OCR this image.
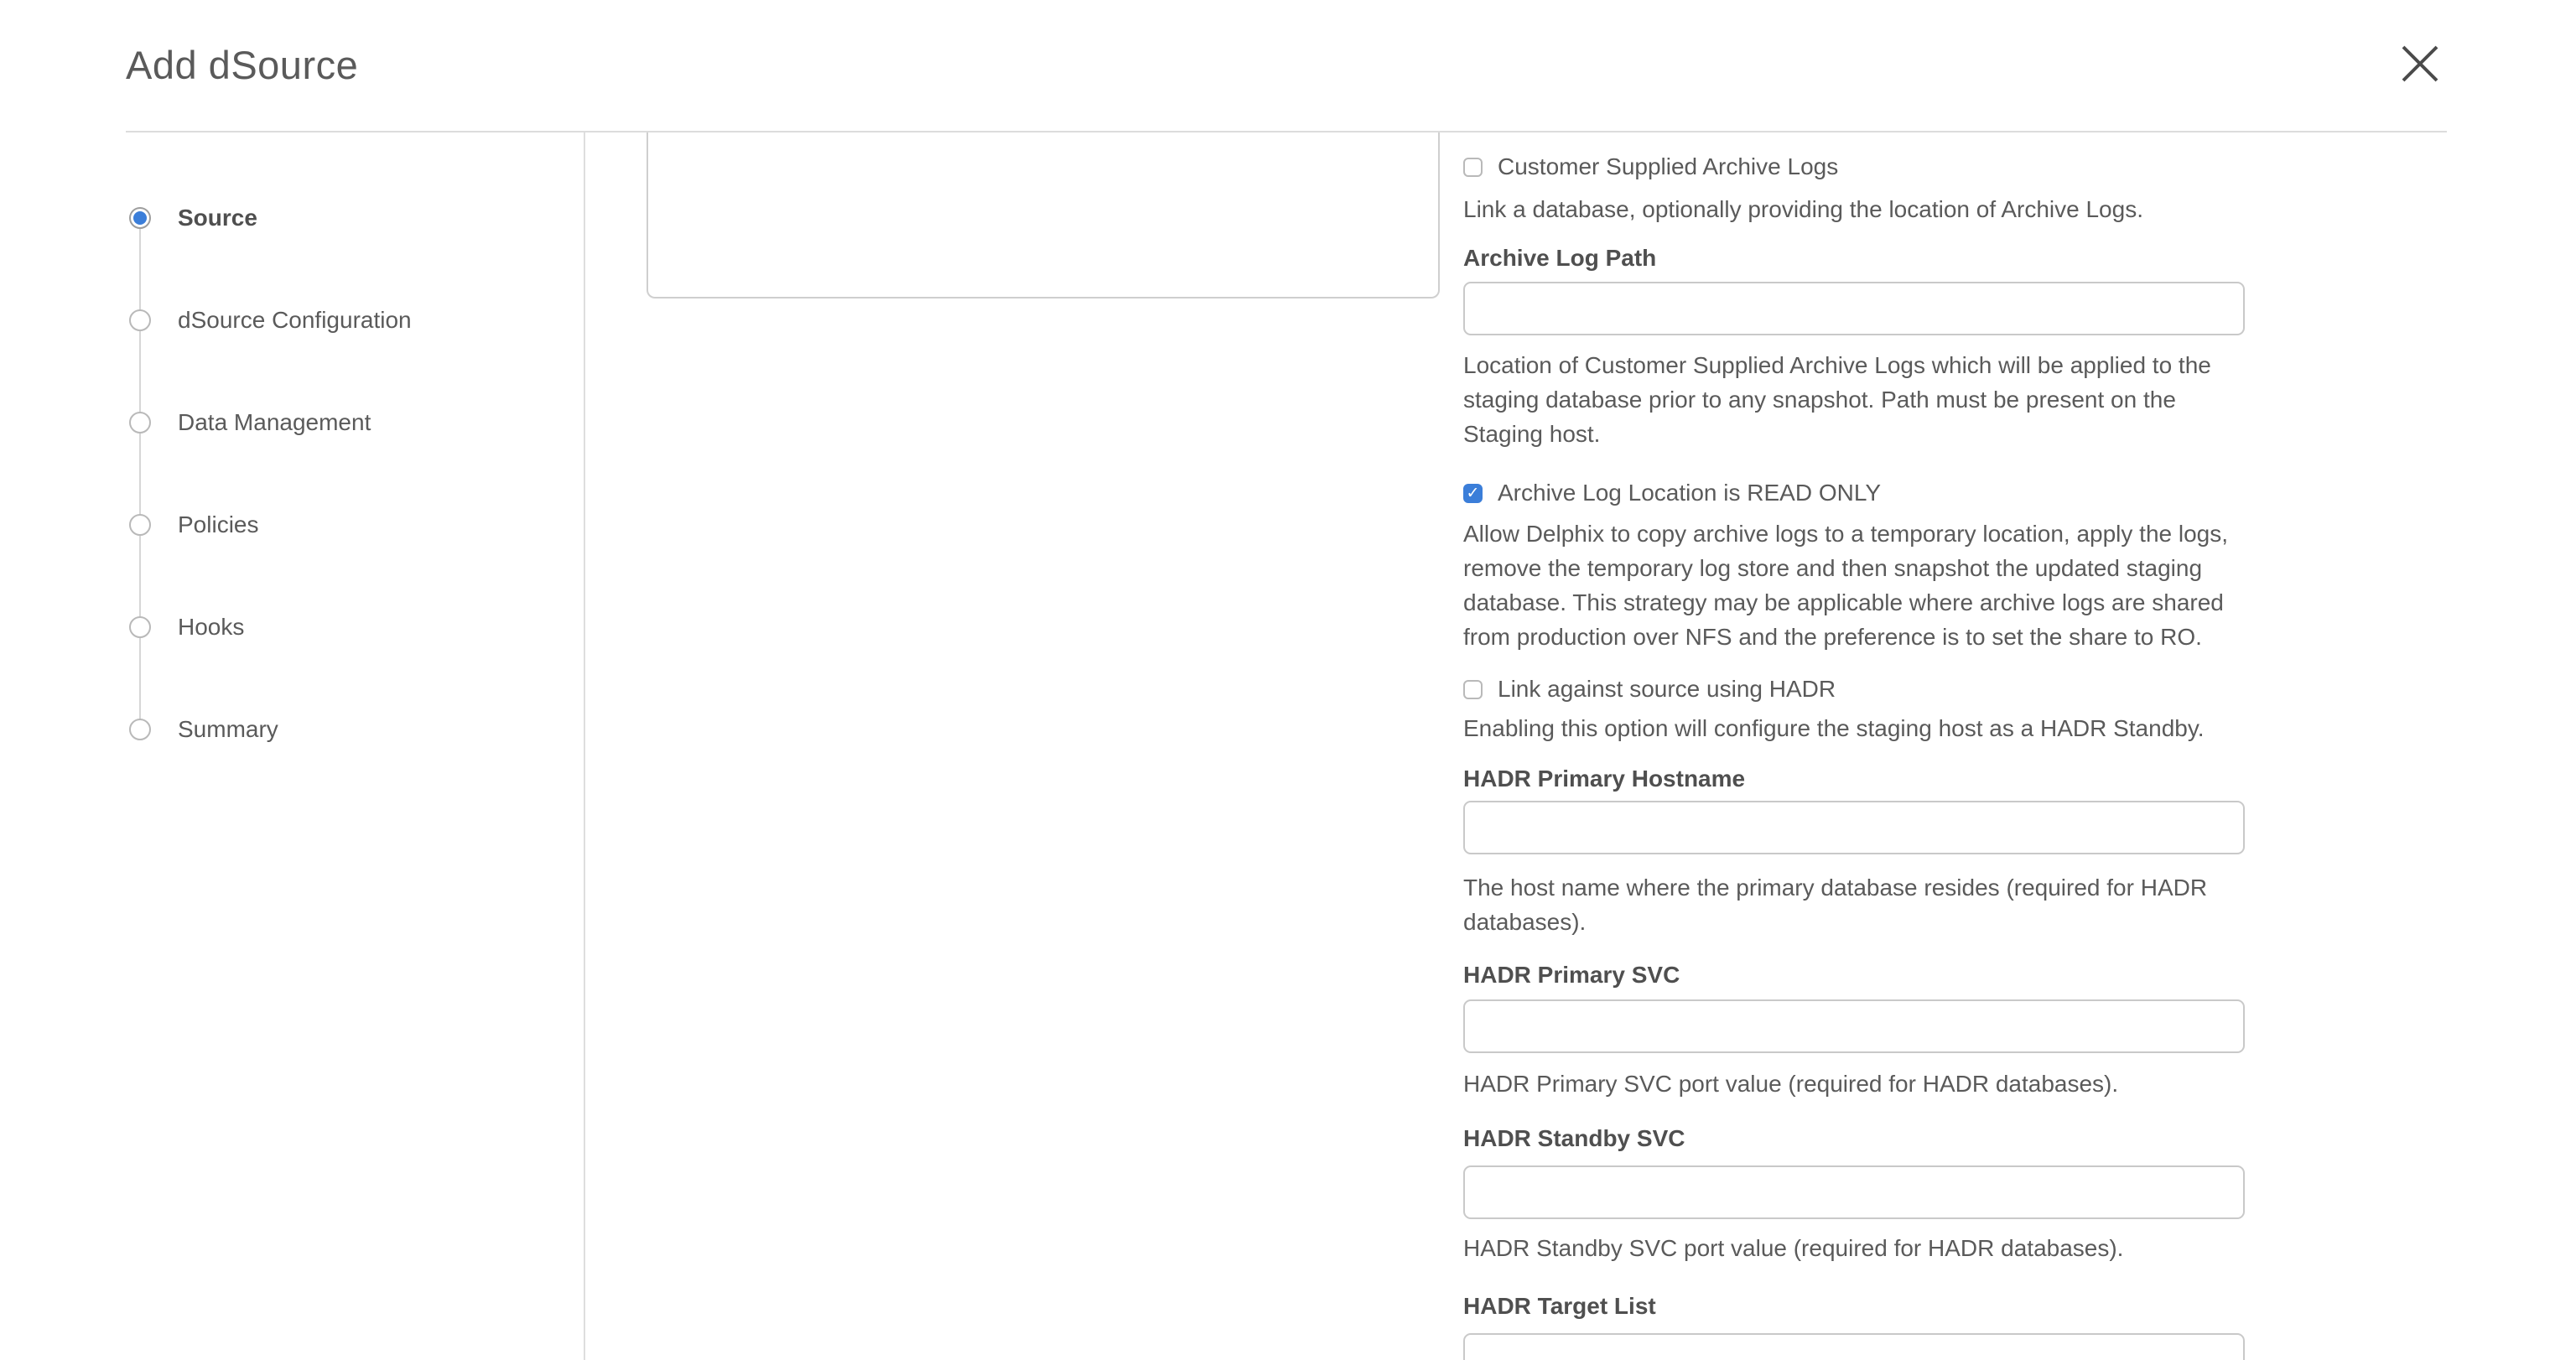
Add dSource
Source
dSource Configuration
Data Management
Policies
Hooks
Summary
Customer Supplied Archive Logs
Link a database, optionally providing the location of Archive Logs.
Archive Log Path
Location of Customer Supplied Archive Logs which will be applied to the
staging database prior to any snapshot. Path must be present on the
Staging host.
✓ Archive Log Location is READ ONLY
Allow Delphix to copy archive logs to a temporary location, apply the logs,
remove the temporary log store and then snapshot the updated staging
database. This strategy may be applicable where archive logs are shared
from production over NFS and the preference is to set the share to RO.
Link against source using HADR
Enabling this option will configure the staging host as a HADR Standby.
HADR Primary Hostname
The host name where the primary database resides (required for HADR
databases).
HADR Primary SVC
HADR Primary SVC port value (required for HADR databases).
HADR Standby SVC
HADR Standby SVC port value (required for HADR databases).
HADR Target List
